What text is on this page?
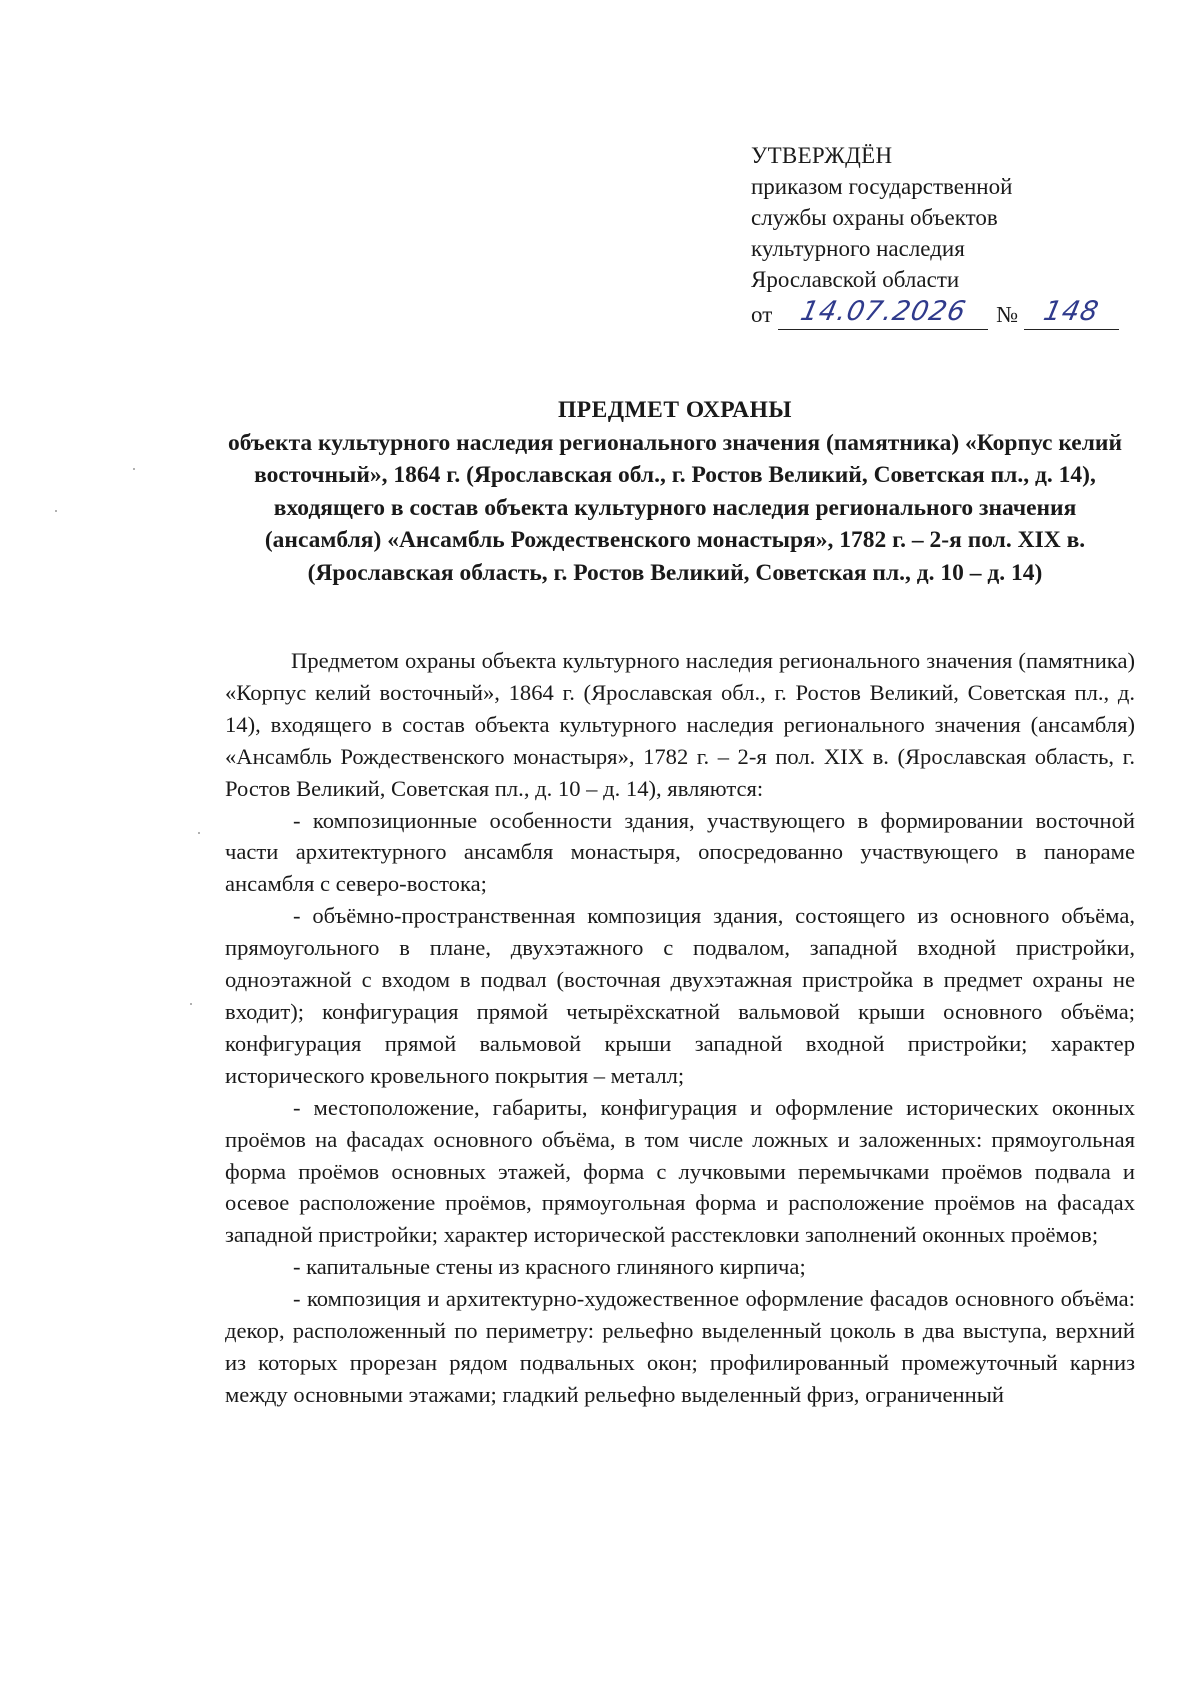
УТВЕРЖДЁН
приказом государственной
службы охраны объектов
культурного наследия
Ярославской области
от 14.07.2026	№ 148
ПРЕДМЕТ ОХРАНЫ
объекта культурного наследия регионального значения (памятника) «Корпус келий восточный», 1864 г. (Ярославская обл., г. Ростов Великий, Советская пл., д. 14), входящего в состав объекта культурного наследия регионального значения (ансамбля) «Ансамбль Рождественского монастыря», 1782 г. – 2-я пол. XIX в. (Ярославская область, г. Ростов Великий, Советская пл., д. 10 – д. 14)

Предметом охраны объекта культурного наследия регионального значения (памятника) «Корпус келий восточный», 1864 г. (Ярославская обл., г. Ростов Великий, Советская пл., д. 14), входящего в состав объекта культурного наследия регионального значения (ансамбля) «Ансамбль Рождественского монастыря», 1782 г. – 2-я пол. XIX в. (Ярославская область, г. Ростов Великий, Советская пл., д. 10 – д. 14), являются:

- композиционные особенности здания, участвующего в формировании восточной части архитектурного ансамбля монастыря, опосредованно участвующего в панораме ансамбля с северо-востока;

- объёмно-пространственная композиция здания, состоящего из основного объёма, прямоугольного в плане, двухэтажного с подвалом, западной входной пристройки, одноэтажной с входом в подвал (восточная двухэтажная пристройка в предмет охраны не входит); конфигурация прямой четырёхскатной вальмовой крыши основного объёма; конфигурация прямой вальмовой крыши западной входной пристройки; характер исторического кровельного покрытия – металл;

- местоположение, габариты, конфигурация и оформление исторических оконных проёмов на фасадах основного объёма, в том числе ложных и заложенных: прямоугольная форма проёмов основных этажей, форма с лучковыми перемычками проёмов подвала и осевое расположение проёмов, прямоугольная форма и расположение проёмов на фасадах западной пристройки; характер исторической расстекловки заполнений оконных проёмов;

- капитальные стены из красного глиняного кирпича;

- композиция и архитектурно-художественное оформление фасадов основного объёма: декор, расположенный по периметру: рельефно выделенный цоколь в два выступа, верхний из которых прорезан рядом подвальных окон; профилированный промежуточный карниз между основными этажами; гладкий рельефно выделенный фриз, ограниченный
